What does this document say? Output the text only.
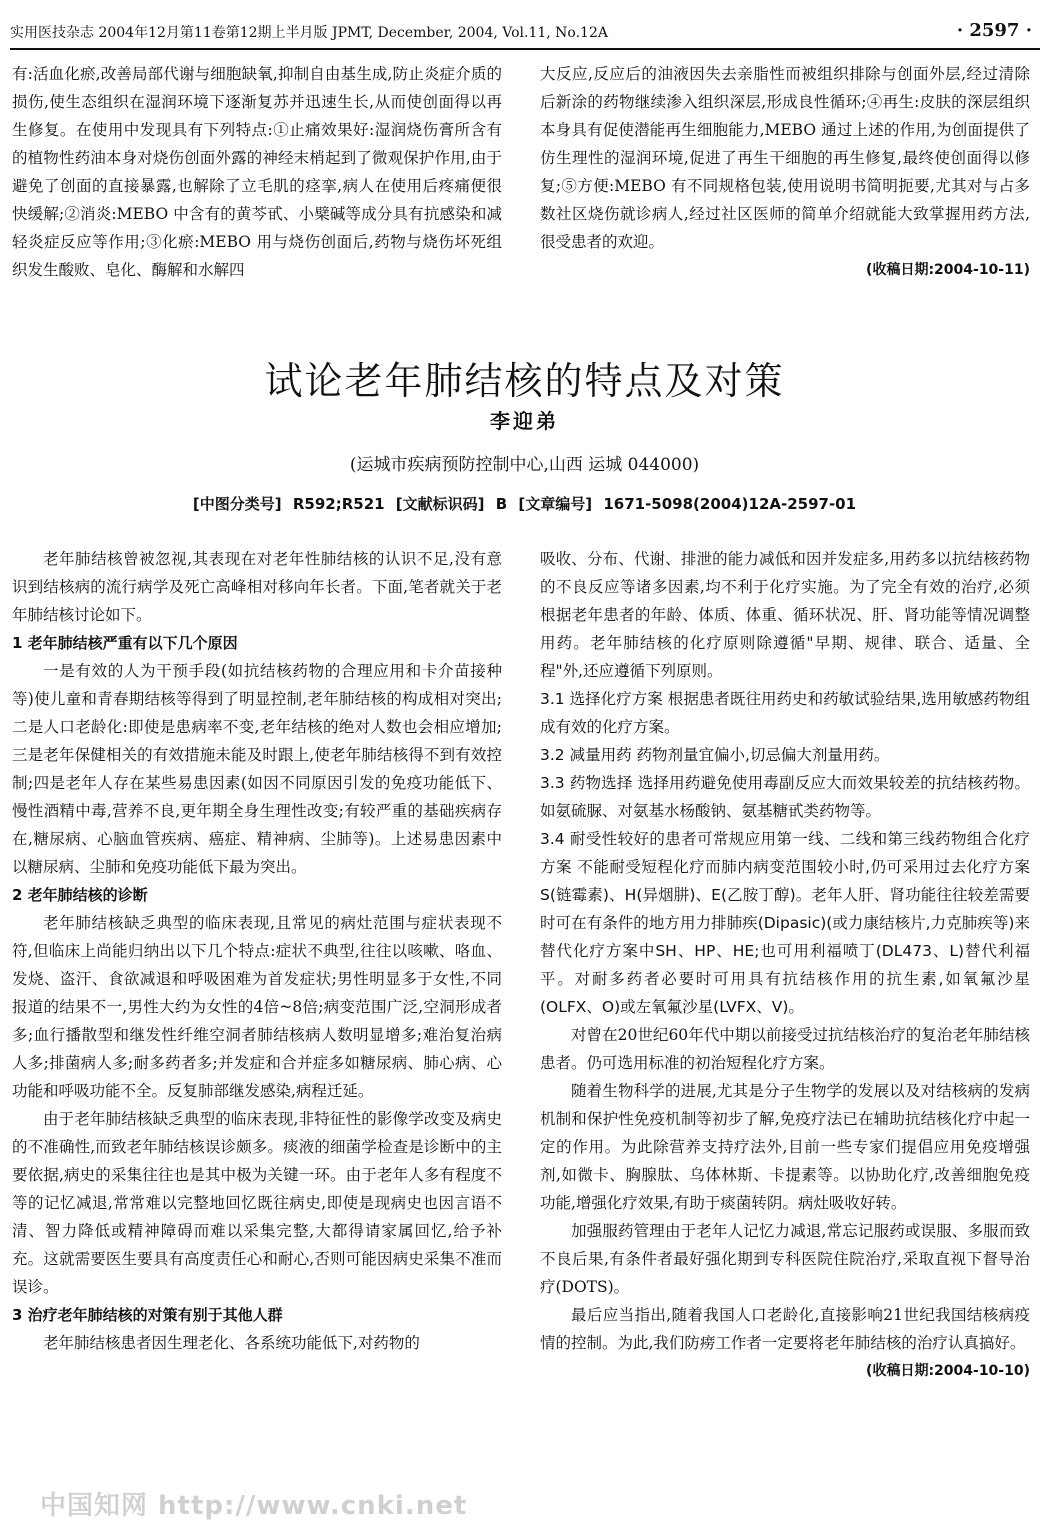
实用医技杂志 2004年12月第11卷第12期上半月版 JPMT, December, 2004, Vol.11, No.12A	· 2597 ·

有:活血化瘀,改善局部代谢与细胞缺氧,抑制自由基生成,防止炎症介质的损伤,使生态组织在湿润环境下逐渐复苏并迅速生长,从而使创面得以再生修复。在使用中发现具有下列特点:①止痛效果好:湿润烧伤膏所含有的植物性药油本身对烧伤创面外露的神经末梢起到了微观保护作用,由于避免了创面的直接暴露,也解除了立毛肌的痉挛,病人在使用后疼痛便很快缓解;②消炎:MEBO 中含有的黄芩甙、小檗碱等成分具有抗感染和减轻炎症反应等作用;③化瘀:MEBO 用与烧伤创面后,药物与烧伤坏死组织发生酸败、皂化、酶解和水解四

大反应,反应后的油液因失去亲脂性而被组织排除与创面外层,经过清除后新涂的药物继续渗入组织深层,形成良性循环;④再生:皮肤的深层组织本身具有促使潜能再生细胞能力,MEBO 通过上述的作用,为创面提供了仿生理性的湿润环境,促进了再生干细胞的再生修复,最终使创面得以修复;⑤方便:MEBO 有不同规格包装,使用说明书简明扼要,尤其对与占多数社区烧伤就诊病人,经过社区医师的简单介绍就能大致掌握用药方法,很受患者的欢迎。

(收稿日期:2004-10-11)

试论老年肺结核的特点及对策
李迎弟
(运城市疾病预防控制中心,山西 运城 044000)
[中图分类号] R592;R521 [文献标识码] B [文章编号] 1671-5098(2004)12A-2597-01

老年肺结核曾被忽视,其表现在对老年性肺结核的认识不足,没有意识到结核病的流行病学及死亡高峰相对移向年长者。下面,笔者就关于老年肺结核讨论如下。

1 老年肺结核严重有以下几个原因

一是有效的人为干预手段(如抗结核药物的合理应用和卡介苗接种等)使儿童和青春期结核等得到了明显控制,老年肺结核的构成相对突出;二是人口老龄化:即使是患病率不变,老年结核的绝对人数也会相应增加;三是老年保健相关的有效措施未能及时跟上,使老年肺结核得不到有效控制;四是老年人存在某些易患因素(如因不同原因引发的免疫功能低下、慢性酒精中毒,营养不良,更年期全身生理性改变;有较严重的基础疾病存在,糖尿病、心脑血管疾病、癌症、精神病、尘肺等)。上述易患因素中以糖尿病、尘肺和免疫功能低下最为突出。

2 老年肺结核的诊断

老年肺结核缺乏典型的临床表现,且常见的病灶范围与症状表现不符,但临床上尚能归纳出以下几个特点:症状不典型,往往以咳嗽、咯血、发烧、盗汗、食欲减退和呼吸困难为首发症状;男性明显多于女性,不同报道的结果不一,男性大约为女性的4倍~8倍;病变范围广泛,空洞形成者多;血行播散型和继发性纤维空洞者肺结核病人数明显增多;难治复治病人多;排菌病人多;耐多药者多;并发症和合并症多如糖尿病、肺心病、心功能和呼吸功能不全。反复肺部继发感染,病程迁延。

由于老年肺结核缺乏典型的临床表现,非特征性的影像学改变及病史的不准确性,而致老年肺结核误诊颇多。痰液的细菌学检查是诊断中的主要依据,病史的采集往往也是其中极为关键一环。由于老年人多有程度不等的记忆减退,常常难以完整地回忆既往病史,即使是现病史也因言语不清、智力降低或精神障碍而难以采集完整,大都得请家属回忆,给予补充。这就需要医生要具有高度责任心和耐心,否则可能因病史采集不准而误诊。

3 治疗老年肺结核的对策有别于其他人群

老年肺结核患者因生理老化、各系统功能低下,对药物的

吸收、分布、代谢、排泄的能力减低和因并发症多,用药多以抗结核药物的不良反应等诸多因素,均不利于化疗实施。为了完全有效的治疗,必须根据老年患者的年龄、体质、体重、循环状况、肝、肾功能等情况调整用药。老年肺结核的化疗原则除遵循"早期、规律、联合、适量、全程"外,还应遵循下列原则。

3.1 选择化疗方案 根据患者既往用药史和药敏试验结果,选用敏感药物组成有效的化疗方案。

3.2 减量用药 药物剂量宜偏小,切忌偏大剂量用药。

3.3 药物选择 选择用药避免使用毒副反应大而效果较差的抗结核药物。如氨硫脲、对氨基水杨酸钠、氨基糖甙类药物等。

3.4 耐受性较好的患者可常规应用第一线、二线和第三线药物组合化疗方案 不能耐受短程化疗而肺内病变范围较小时,仍可采用过去化疗方案S(链霉素)、H(异烟肼)、E(乙胺丁醇)。老年人肝、肾功能往往较差需要时可在有条件的地方用力排肺疾(Dipasic)(或力康结核片,力克肺疾等)来替代化疗方案中SH、HP、HE;也可用利福喷丁(DL473、L)替代利福平。对耐多药者必要时可用具有抗结核作用的抗生素,如氧氟沙星(OLFX、O)或左氧氟沙星(LVFX、V)。

对曾在20世纪60年代中期以前接受过抗结核治疗的复治老年肺结核患者。仍可选用标准的初治短程化疗方案。

随着生物科学的进展,尤其是分子生物学的发展以及对结核病的发病机制和保护性免疫机制等初步了解,免疫疗法已在辅助抗结核化疗中起一定的作用。为此除营养支持疗法外,目前一些专家们提倡应用免疫增强剂,如微卡、胸腺肽、乌体林斯、卡提素等。以协助化疗,改善细胞免疫功能,增强化疗效果,有助于痰菌转阴。病灶吸收好转。

加强服药管理由于老年人记忆力减退,常忘记服药或误服、多服而致不良后果,有条件者最好强化期到专科医院住院治疗,采取直视下督导治疗(DOTS)。

最后应当指出,随着我国人口老龄化,直接影响21世纪我国结核病疫情的控制。为此,我们防痨工作者一定要将老年肺结核的治疗认真搞好。

(收稿日期:2004-10-10)

中国知网 http://www.cnki.net
